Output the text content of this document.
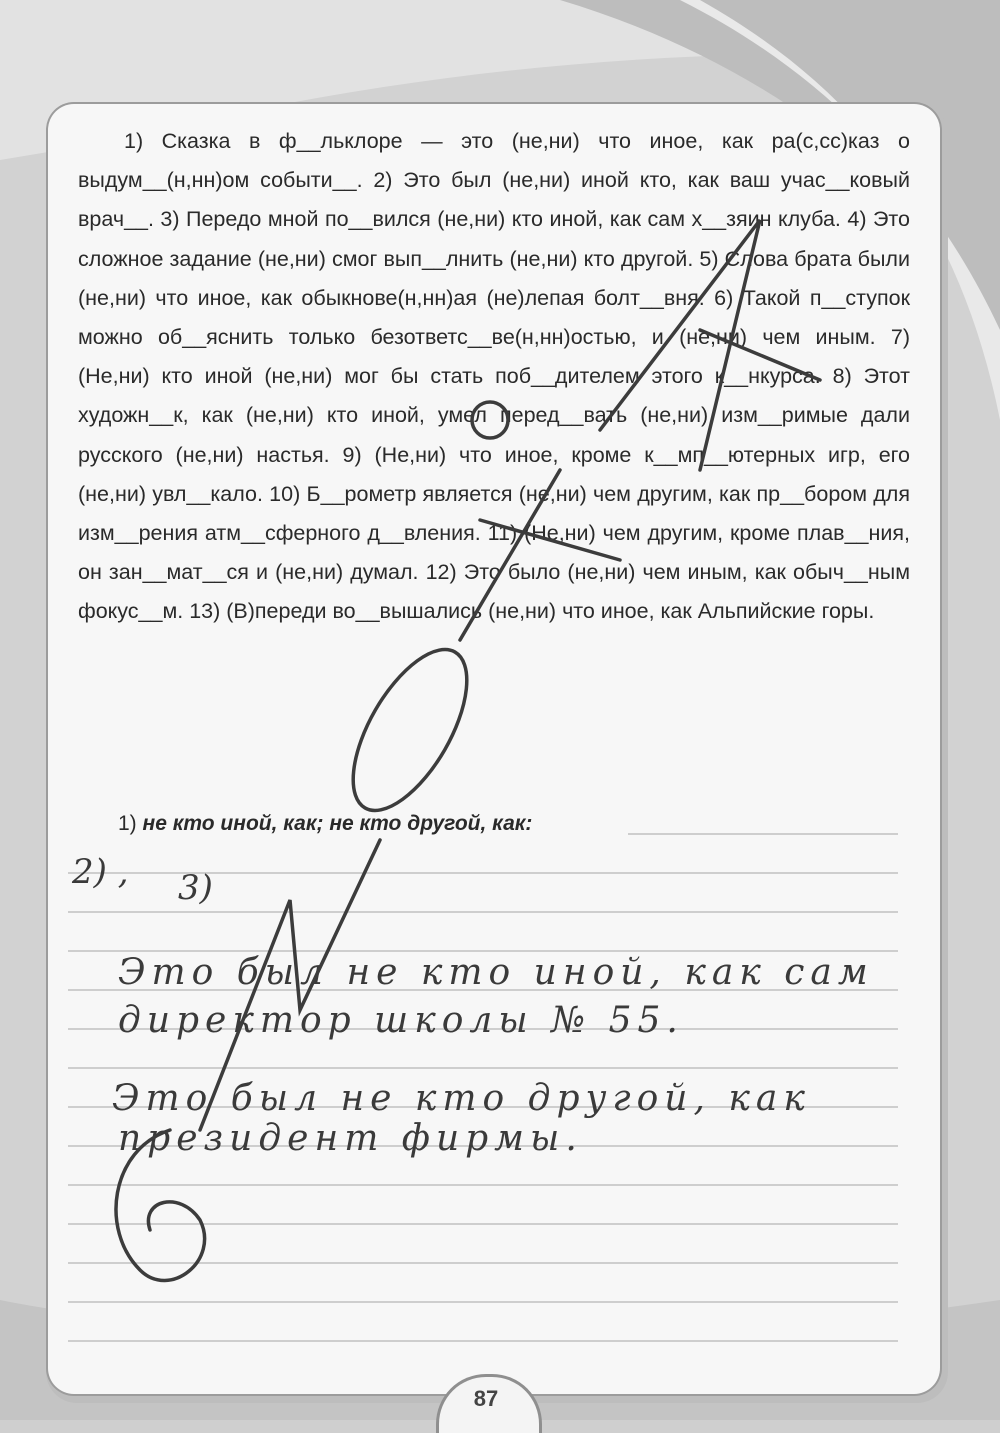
1) Сказка в ф__льклоре — это (не,ни) что иное, как ра(с,сс)каз о выдум__(н,нн)ом событи__. 2) Это был (не,ни) иной кто, как ваш учас__ковый врач__. 3) Передо мной по__вился (не,ни) кто иной, как сам х__зяин клуба. 4) Это сложное задание (не,ни) смог вып__лнить (не,ни) кто другой. 5) Слова брата были (не,ни) что иное, как обыкнове(н,нн)ая (не)лепая болт__вня. 6) Такой п__ступок можно об__яснить только безответс__ве(н,нн)остью, и (не,ни) чем иным. 7) (Не,ни) кто иной (не,ни) мог бы стать поб__дителем этого к__нкурса. 8) Этот художн__к, как (не,ни) кто иной, умел перед__вать (не,ни) изм__римые дали русского (не,ни) настья. 9) (Не,ни) что иное, кроме к__мп__ютерных игр, его (не,ни) увл__кало. 10) Б__рометр является (не,ни) чем другим, как пр__бором для изм__рения атм__сферного д__вления. 11) (Не,ни) чем другим, кроме плав__ния, он зан__мат__ся и (не,ни) думал. 12) Это было (не,ни) чем иным, как обыч__ным фокус__м. 13) (В)переди во__вышались (не,ни) что иное, как Альпийские горы.

1) не кто иной, как; не кто другой, как:
2) , 3)
Это был не кто иной, как сам
директор школы № 55.
Это был не кто другой, как
президент фирмы.
87
